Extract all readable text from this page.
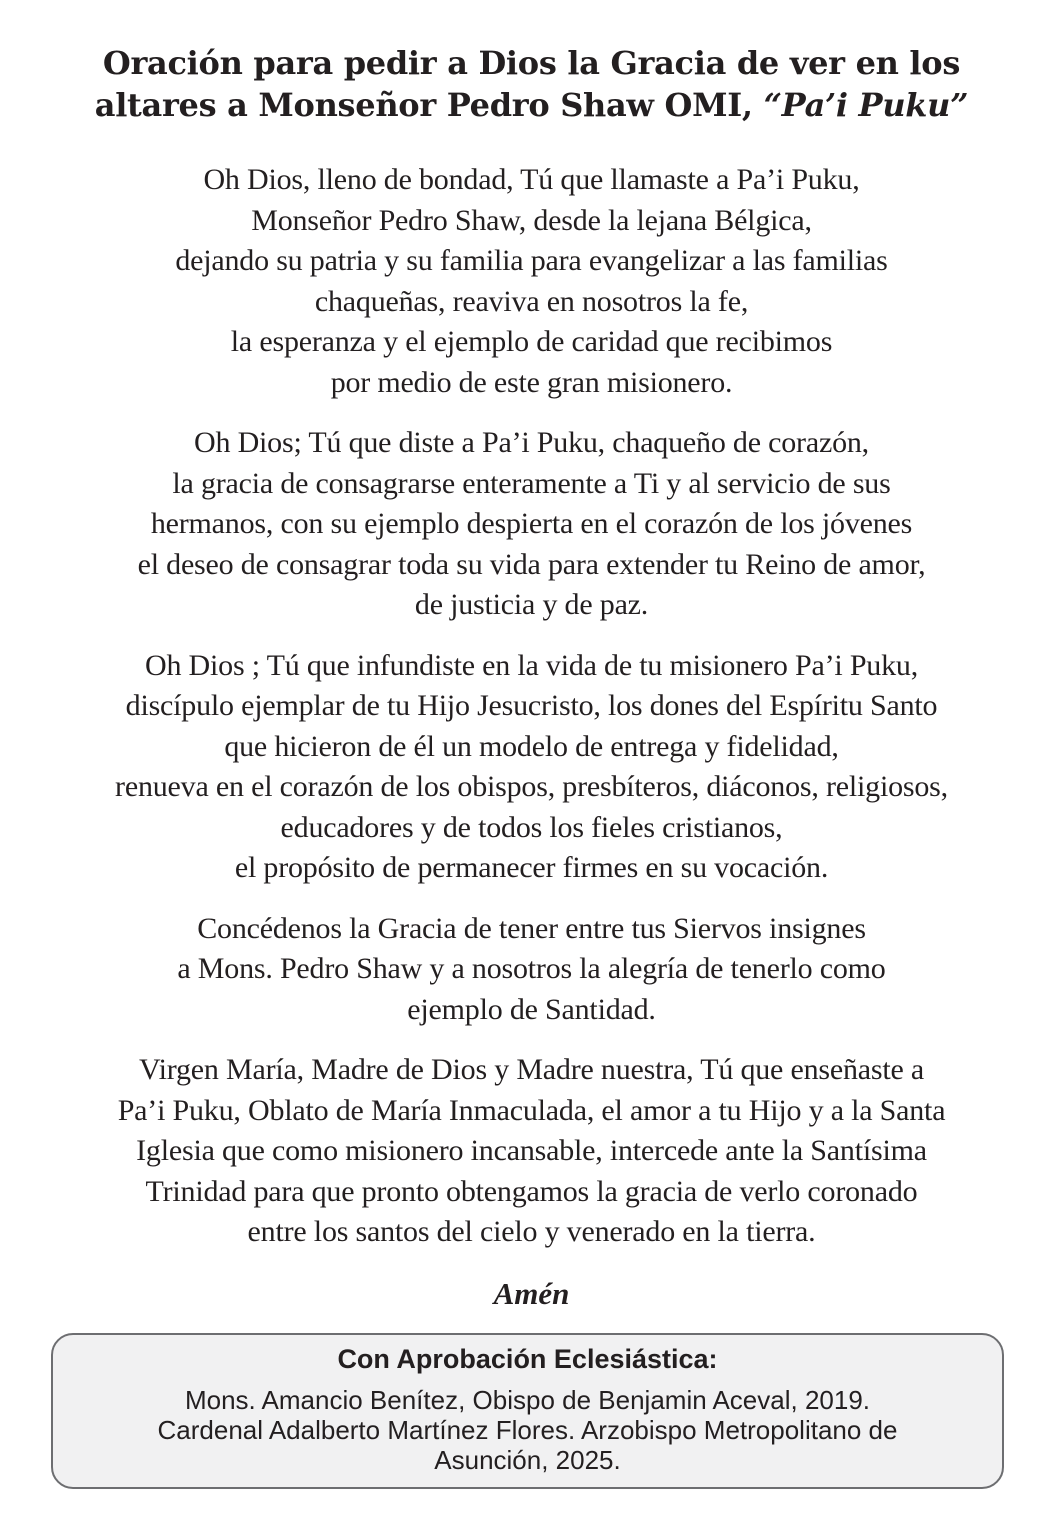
Oración para pedir a Dios la Gracia de ver en los
altares a Monseñor Pedro Shaw OMI, “Pa’i Puku”

Oh Dios, lleno de bondad, Tú que llamaste a Pa’i Puku,
Monseñor Pedro Shaw, desde la lejana Bélgica,
dejando su patria y su familia para evangelizar a las familias
chaqueñas, reaviva en nosotros la fe,
la esperanza y el ejemplo de caridad que recibimos
por medio de este gran misionero.

Oh Dios; Tú que diste a Pa’i Puku, chaqueño de corazón,
la gracia de consagrarse enteramente a Ti y al servicio de sus
hermanos, con su ejemplo despierta en el corazón de los jóvenes
el deseo de consagrar toda su vida para extender tu Reino de amor,
de justicia y de paz.

Oh Dios ; Tú que infundiste en la vida de tu misionero Pa’i Puku,
discípulo ejemplar de tu Hijo Jesucristo, los dones del Espíritu Santo
que hicieron de él un modelo de entrega y fidelidad,
renueva en el corazón de los obispos, presbíteros, diáconos, religiosos,
educadores y de todos los fieles cristianos,
el propósito de permanecer firmes en su vocación.

Concédenos la Gracia de tener entre tus Siervos insignes
a Mons. Pedro Shaw y a nosotros la alegría de tenerlo como
ejemplo de Santidad.

Virgen María, Madre de Dios y Madre nuestra, Tú que enseñaste a
Pa’i Puku, Oblato de María Inmaculada, el amor a tu Hijo y a la Santa
Iglesia que como misionero incansable, intercede ante la Santísima
Trinidad para que pronto obtengamos la gracia de verlo coronado
entre los santos del cielo y venerado en la tierra.

Amén
Con Aprobación Eclesiástica:
Mons. Amancio Benítez, Obispo de Benjamin Aceval, 2019.
Cardenal Adalberto Martínez Flores. Arzobispo Metropolitano de
Asunción, 2025.
